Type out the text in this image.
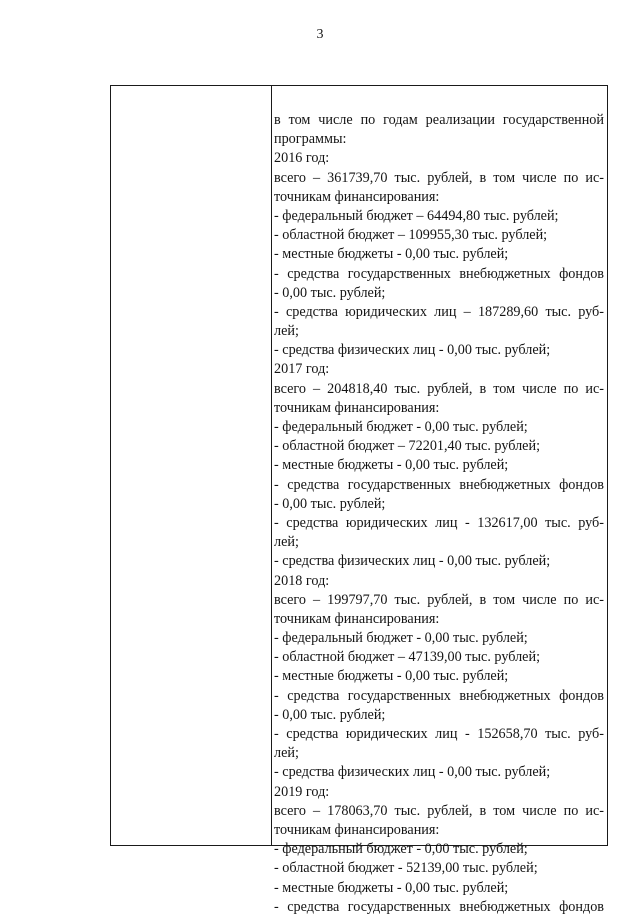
3
в том числе по годам реализации государственной
программы:
2016 год:
всего – 361739,70 тыс. рублей, в том числе по ис-
точникам финансирования:
- федеральный бюджет – 64494,80 тыс. рублей;
- областной бюджет – 109955,30 тыс. рублей;
- местные бюджеты - 0,00 тыс. рублей;
- средства государственных внебюджетных фондов
- 0,00 тыс. рублей;
- средства юридических лиц – 187289,60 тыс. руб-
лей;
- средства физических лиц - 0,00 тыс. рублей;
2017 год:
всего – 204818,40 тыс. рублей, в том числе по ис-
точникам финансирования:
- федеральный бюджет - 0,00 тыс. рублей;
- областной бюджет – 72201,40 тыс. рублей;
- местные бюджеты - 0,00 тыс. рублей;
- средства государственных внебюджетных фондов
- 0,00 тыс. рублей;
- средства юридических лиц - 132617,00 тыс. руб-
лей;
- средства физических лиц - 0,00 тыс. рублей;
2018 год:
всего – 199797,70 тыс. рублей, в том числе по ис-
точникам финансирования:
- федеральный бюджет - 0,00 тыс. рублей;
- областной бюджет – 47139,00 тыс. рублей;
- местные бюджеты - 0,00 тыс. рублей;
- средства государственных внебюджетных фондов
- 0,00 тыс. рублей;
- средства юридических лиц - 152658,70 тыс. руб-
лей;
- средства физических лиц - 0,00 тыс. рублей;
2019 год:
всего – 178063,70 тыс. рублей, в том числе по ис-
точникам финансирования:
- федеральный бюджет - 0,00 тыс. рублей;
- областной бюджет - 52139,00 тыс. рублей;
- местные бюджеты - 0,00 тыс. рублей;
- средства государственных внебюджетных фондов
